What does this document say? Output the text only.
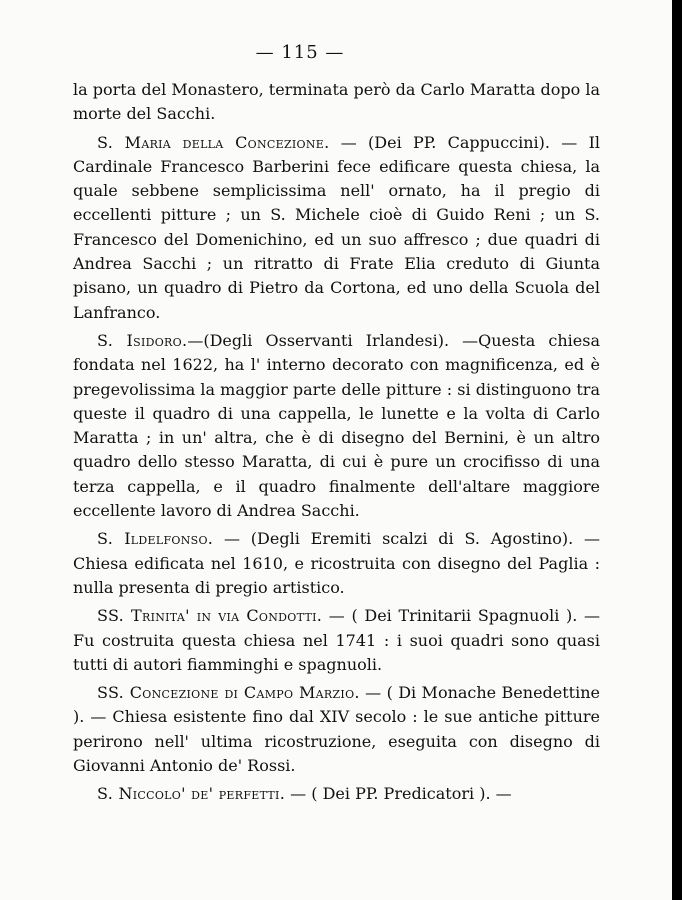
— 115 —

la porta del Monastero, terminata però da Carlo Maratta dopo la morte del Sacchi.

S. Maria della Concezione. — (Dei PP. Cappuccini). — Il Cardinale Francesco Barberini fece edificare questa chiesa, la quale sebbene semplicissima nell' ornato, ha il pregio di eccellenti pitture ; un S. Michele cioè di Guido Reni ; un S. Francesco del Domenichino, ed un suo affresco ; due quadri di Andrea Sacchi ; un ritratto di Frate Elia creduto di Giunta pisano, un quadro di Pietro da Cortona, ed uno della Scuola del Lanfranco.

S. Isidoro.—(Degli Osservanti Irlandesi). —Questa chiesa fondata nel 1622, ha l' interno decorato con magnificenza, ed è pregevolissima la maggior parte delle pitture : si distinguono tra queste il quadro di una cappella, le lunette e la volta di Carlo Maratta ; in un' altra, che è di disegno del Bernini, è un altro quadro dello stesso Maratta, di cui è pure un crocifisso di una terza cappella, e il quadro finalmente dell'altare maggiore eccellente lavoro di Andrea Sacchi.

S. Ildelfonso. — (Degli Eremiti scalzi di S. Agostino). — Chiesa edificata nel 1610, e ricostruita con disegno del Paglia : nulla presenta di pregio artistico.

SS. Trinita' in via Condotti. — ( Dei Trinitarii Spagnuoli ). — Fu costruita questa chiesa nel 1741 : i suoi quadri sono quasi tutti di autori fiamminghi e spagnuoli.

SS. Concezione di Campo Marzio. — ( Di Monache Benedettine ). — Chiesa esistente fino dal XIV secolo : le sue antiche pitture perirono nell' ultima ricostruzione, eseguita con disegno di Giovanni Antonio de' Rossi.

S. Niccolo' de' perfetti. — ( Dei PP. Predicatori ). —
